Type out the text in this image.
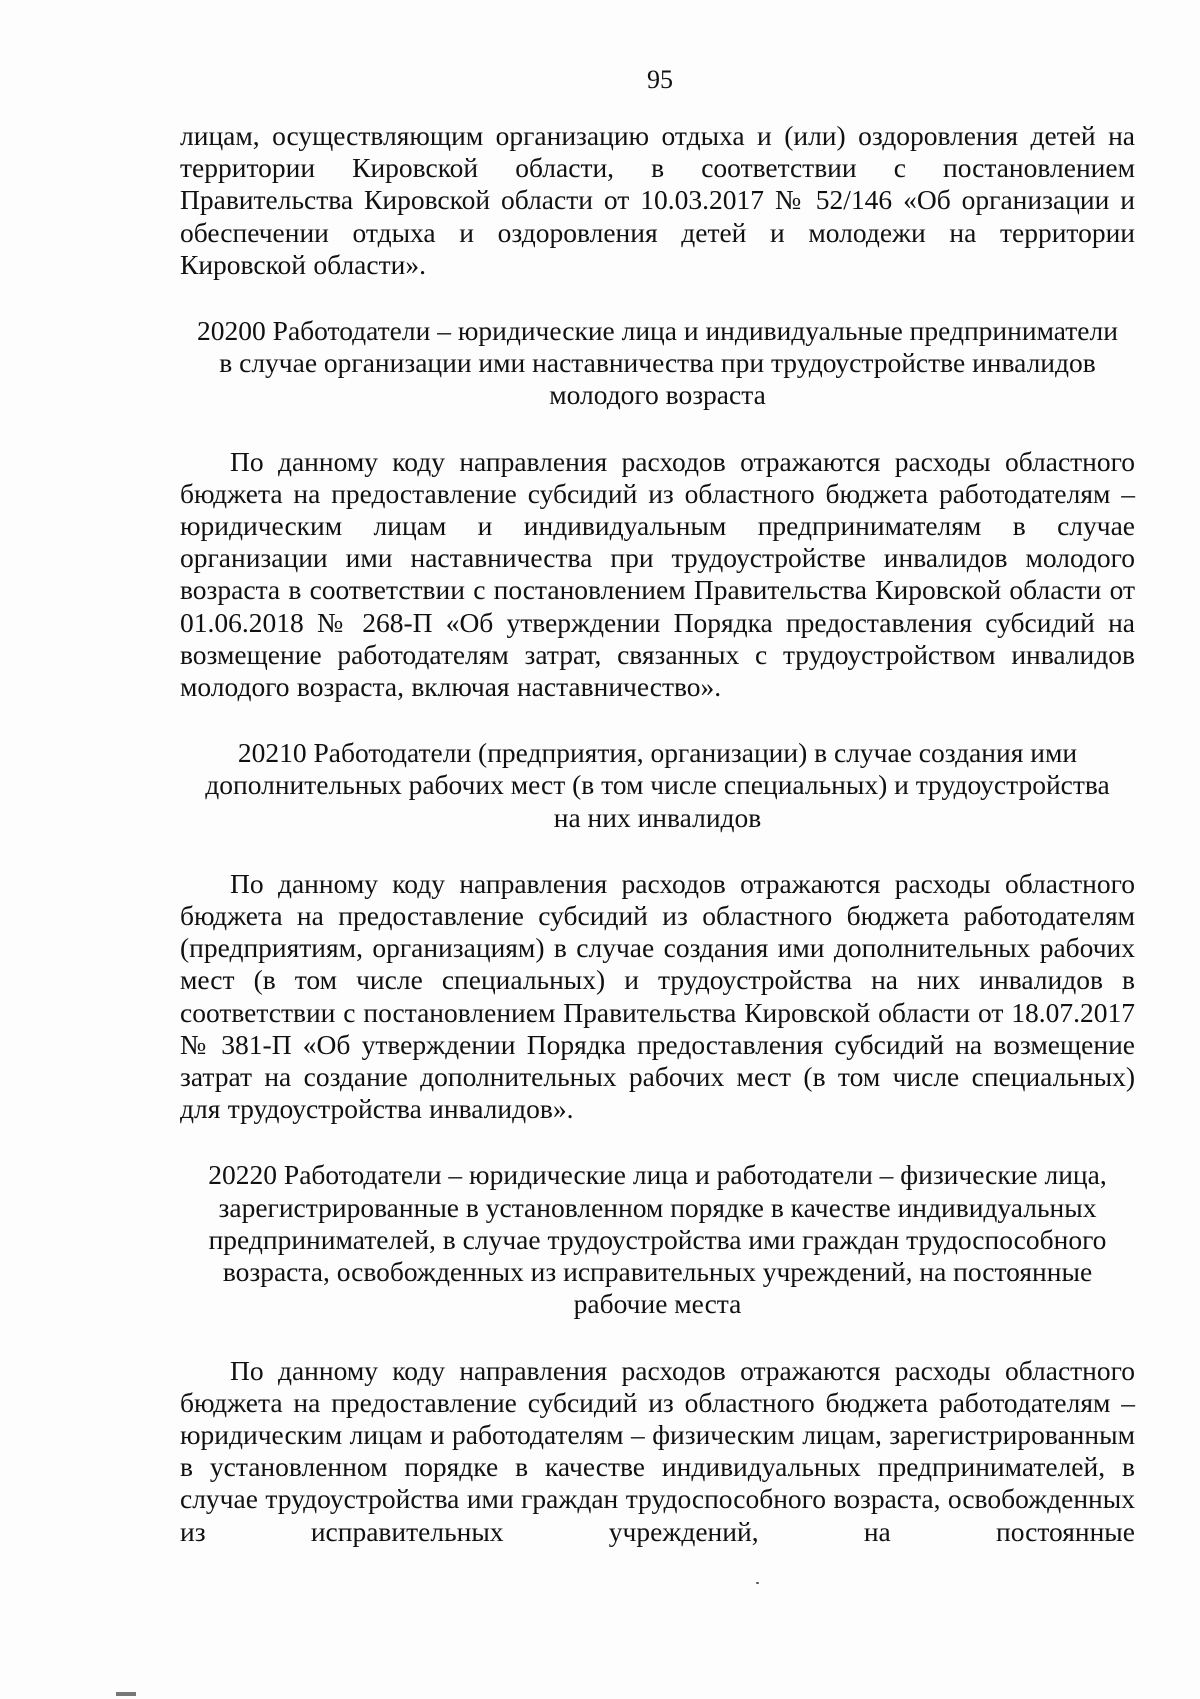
95

лицам, осуществляющим организацию отдыха и (или) оздоровления детей на территории Кировской области, в соответствии с постановлением Правительства Кировской области от 10.03.2017 № 52/146 «Об организации и обеспечении отдыха и оздоровления детей и молодежи на территории Кировской области».

20200 Работодатели – юридические лица и индивидуальные предприниматели
в случае организации ими наставничества при трудоустройстве инвалидов
молодого возраста

По данному коду направления расходов отражаются расходы областного бюджета на предоставление субсидий из областного бюджета работодателям – юридическим лицам и индивидуальным предпринимателям в случае организации ими наставничества при трудоустройстве инвалидов молодого возраста в соответствии с постановлением Правительства Кировской области от 01.06.2018 № 268-П «Об утверждении Порядка предоставления субсидий на возмещение работодателям затрат, связанных с трудоустройством инвалидов молодого возраста, включая наставничество».

20210 Работодатели (предприятия, организации) в случае создания ими
дополнительных рабочих мест (в том числе специальных) и трудоустройства
на них инвалидов

По данному коду направления расходов отражаются расходы областного бюджета на предоставление субсидий из областного бюджета работодателям (предприятиям, организациям) в случае создания ими дополнительных рабочих мест (в том числе специальных) и трудоустройства на них инвалидов в соответствии с постановлением Правительства Кировской области от 18.07.2017 № 381-П «Об утверждении Порядка предоставления субсидий на возмещение затрат на создание дополнительных рабочих мест (в том числе специальных) для трудоустройства инвалидов».

20220 Работодатели – юридические лица и работодатели – физические лица,
зарегистрированные в установленном порядке в качестве индивидуальных
предпринимателей, в случае трудоустройства ими граждан трудоспособного
возраста, освобожденных из исправительных учреждений, на постоянные
рабочие места

По данному коду направления расходов отражаются расходы областного бюджета на предоставление субсидий из областного бюджета работодателям – юридическим лицам и работодателям – физическим лицам, зарегистрированным в установленном порядке в качестве индивидуальных предпринимателей, в случае трудоустройства ими граждан трудоспособного возраста, освобожденных из исправительных учреждений, на постоянные
